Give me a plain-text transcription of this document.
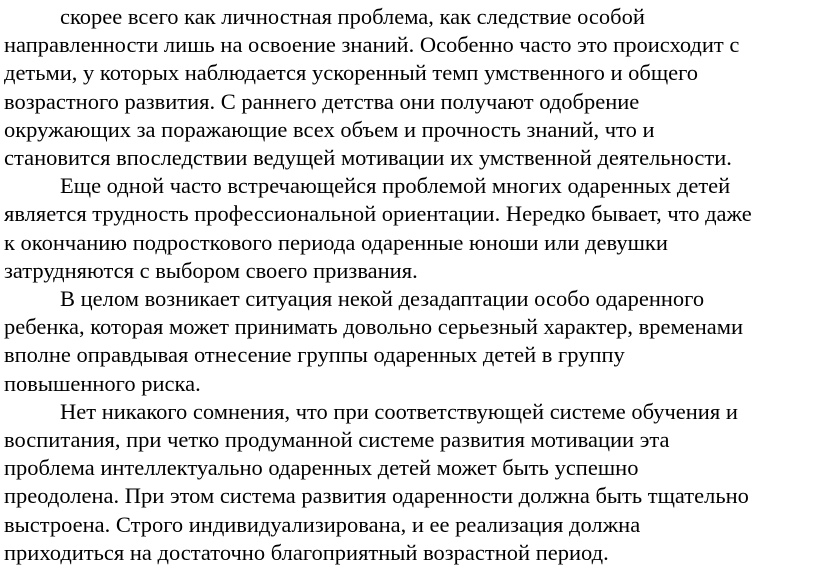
скорее всего как личностная проблема, как следствие особой
направленности лишь на освоение знаний. Особенно часто это происходит с
детьми, у которых наблюдается ускоренный темп умственного и общего
возрастного развития. С раннего детства они получают одобрение
окружающих за поражающие всех объем и прочность знаний, что и
становится впоследствии ведущей мотивации их умственной деятельности.
Еще одной часто встречающейся проблемой многих одаренных детей
является трудность профессиональной ориентации. Нередко бывает, что даже
к окончанию подросткового периода одаренные юноши или девушки
затрудняются с выбором своего призвания.
В целом возникает ситуация некой дезадаптации особо одаренного
ребенка, которая может принимать довольно серьезный характер, временами
вполне оправдывая отнесение группы одаренных детей в группу
повышенного риска.
Нет никакого сомнения, что при соответствующей системе обучения и
воспитания, при четко продуманной системе развития мотивации эта
проблема интеллектуально одаренных детей может быть успешно
преодолена. При этом система развития одаренности должна быть тщательно
выстроена. Строго индивидуализирована, и ее реализация должна
приходиться на достаточно благоприятный возрастной период.
